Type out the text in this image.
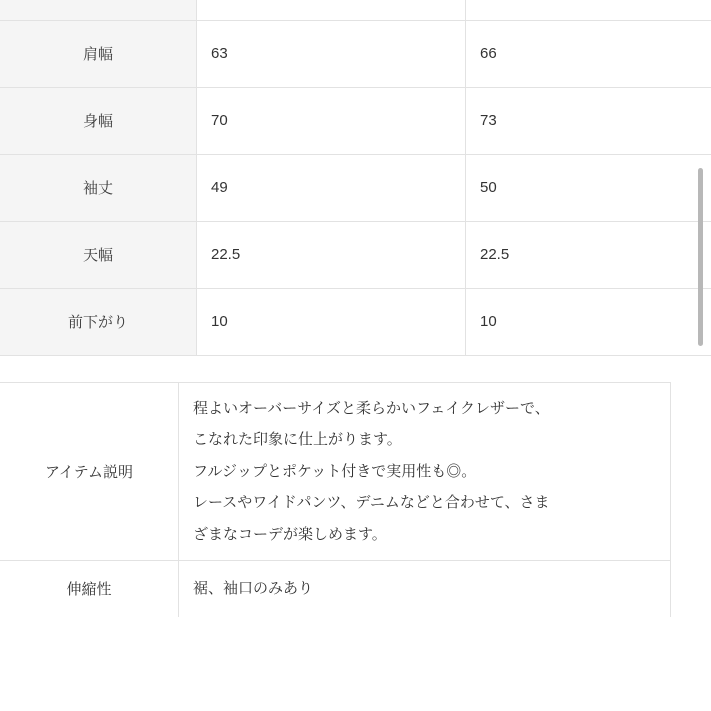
肩幅	63	66
身幅	70	73
袖丈	49	50
天幅	22.5	22.5
前下がり	10	10
アイテム説明	程よいオーバーサイズと柔らかいフェイクレザーで、
こなれた印象に仕上がります。
フルジップとポケット付きで実用性も◎。
レースやワイドパンツ、デニムなどと合わせて、さま
ざまなコーデが楽しめます。

伸縮性	裾、袖口のみあり
